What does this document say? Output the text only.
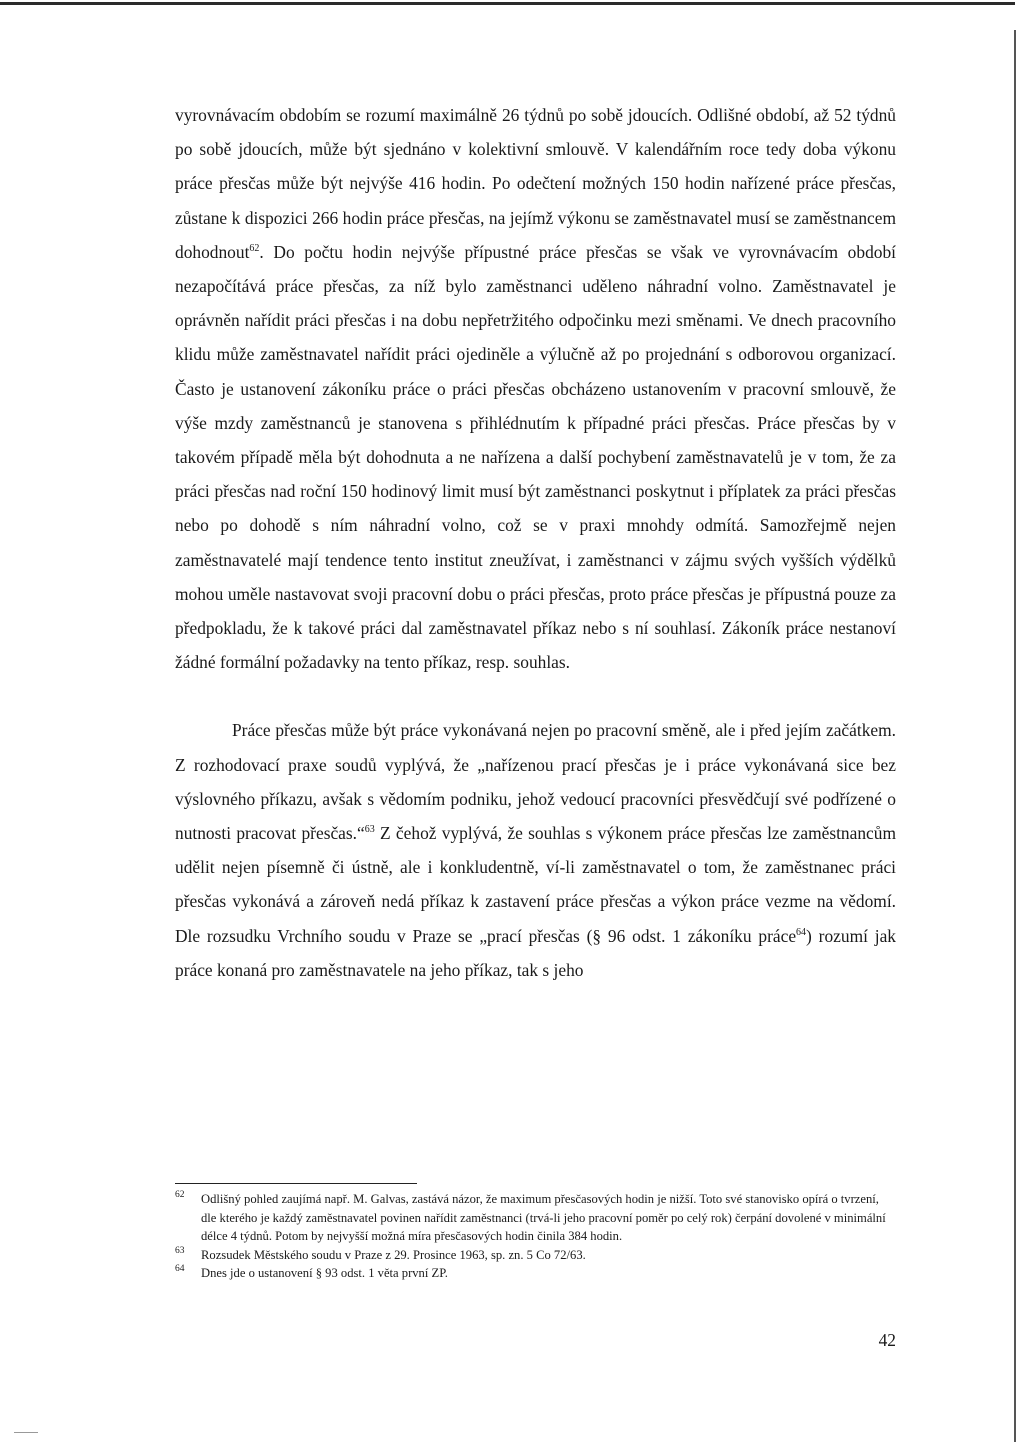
vyrovnávacím obdobím se rozumí maximálně 26 týdnů po sobě jdoucích. Odlišné období, až 52 týdnů po sobě jdoucích, může být sjednáno v kolektivní smlouvě. V kalendářním roce tedy doba výkonu práce přesčas může být nejvýše 416 hodin. Po odečtení možných 150 hodin nařízené práce přesčas, zůstane k dispozici 266 hodin práce přesčas, na jejímž výkonu se zaměstnavatel musí se zaměstnancem dohodnout$^{62}$. Do počtu hodin nejvýše přípustné práce přesčas se však ve vyrovnávacím období nezapočítává práce přesčas, za níž bylo zaměstnanci uděleno náhradní volno. Zaměstnavatel je oprávněn nařídit práci přesčas i na dobu nepřetržitého odpočinku mezi směnami. Ve dnech pracovního klidu může zaměstnavatel nařídit práci ojediněle a výlučně až po projednání s odborovou organizací. Často je ustanovení zákoníku práce o práci přesčas obcházeno ustanovením v pracovní smlouvě, že výše mzdy zaměstnanců je stanovena s přihlédnutím k případné práci přesčas. Práce přesčas by v takovém případě měla být dohodnuta a ne nařízena a další pochybení zaměstnavatelů je v tom, že za práci přesčas nad roční 150 hodinový limit musí být zaměstnanci poskytnut i příplatek za práci přesčas nebo po dohodě s ním náhradní volno, což se v praxi mnohdy odmítá. Samozřejmě nejen zaměstnavatelé mají tendence tento institut zneužívat, i zaměstnanci v zájmu svých vyšších výdělků mohou uměle nastavovat svoji pracovní dobu o práci přesčas, proto práce přesčas je přípustná pouze za předpokladu, že k takové práci dal zaměstnavatel příkaz nebo s ní souhlasí. Zákoník práce nestanoví žádné formální požadavky na tento příkaz, resp. souhlas.

Práce přesčas může být práce vykonávaná nejen po pracovní směně, ale i před jejím začátkem. Z rozhodovací praxe soudů vyplývá, že „nařízenou prací přesčas je i práce vykonávaná sice bez výslovného příkazu, avšak s vědomím podniku, jehož vedoucí pracovníci přesvědčují své podřízené o nutnosti pracovat přesčas.“$^{63}$ Z čehož vyplývá, že souhlas s výkonem práce přesčas lze zaměstnancům udělit nejen písemně či ústně, ale i konkludentně, ví-li zaměstnavatel o tom, že zaměstnanec práci přesčas vykonává a zároveň nedá příkaz k zastavení práce přesčas a výkon práce vezme na vědomí. Dle rozsudku Vrchního soudu v Praze se „prací přesčas (§ 96 odst. 1 zákoníku práce$^{64}$) rozumí jak práce konaná pro zaměstnavatele na jeho příkaz, tak s jeho

62 Odlišný pohled zaujímá např. M. Galvas, zastává názor, že maximum přesčasových hodin je nižší. Toto své stanovisko opírá o tvrzení, dle kterého je každý zaměstnavatel povinen nařídit zaměstnanci (trvá-li jeho pracovní poměr po celý rok) čerpání dovolené v minimální délce 4 týdnů. Potom by nejvyšší možná míra přesčasových hodin činila 384 hodin.
63 Rozsudek Městského soudu v Praze z 29. Prosince 1963, sp. zn. 5 Co 72/63.
64 Dnes jde o ustanovení § 93 odst. 1 věta první ZP.
42
